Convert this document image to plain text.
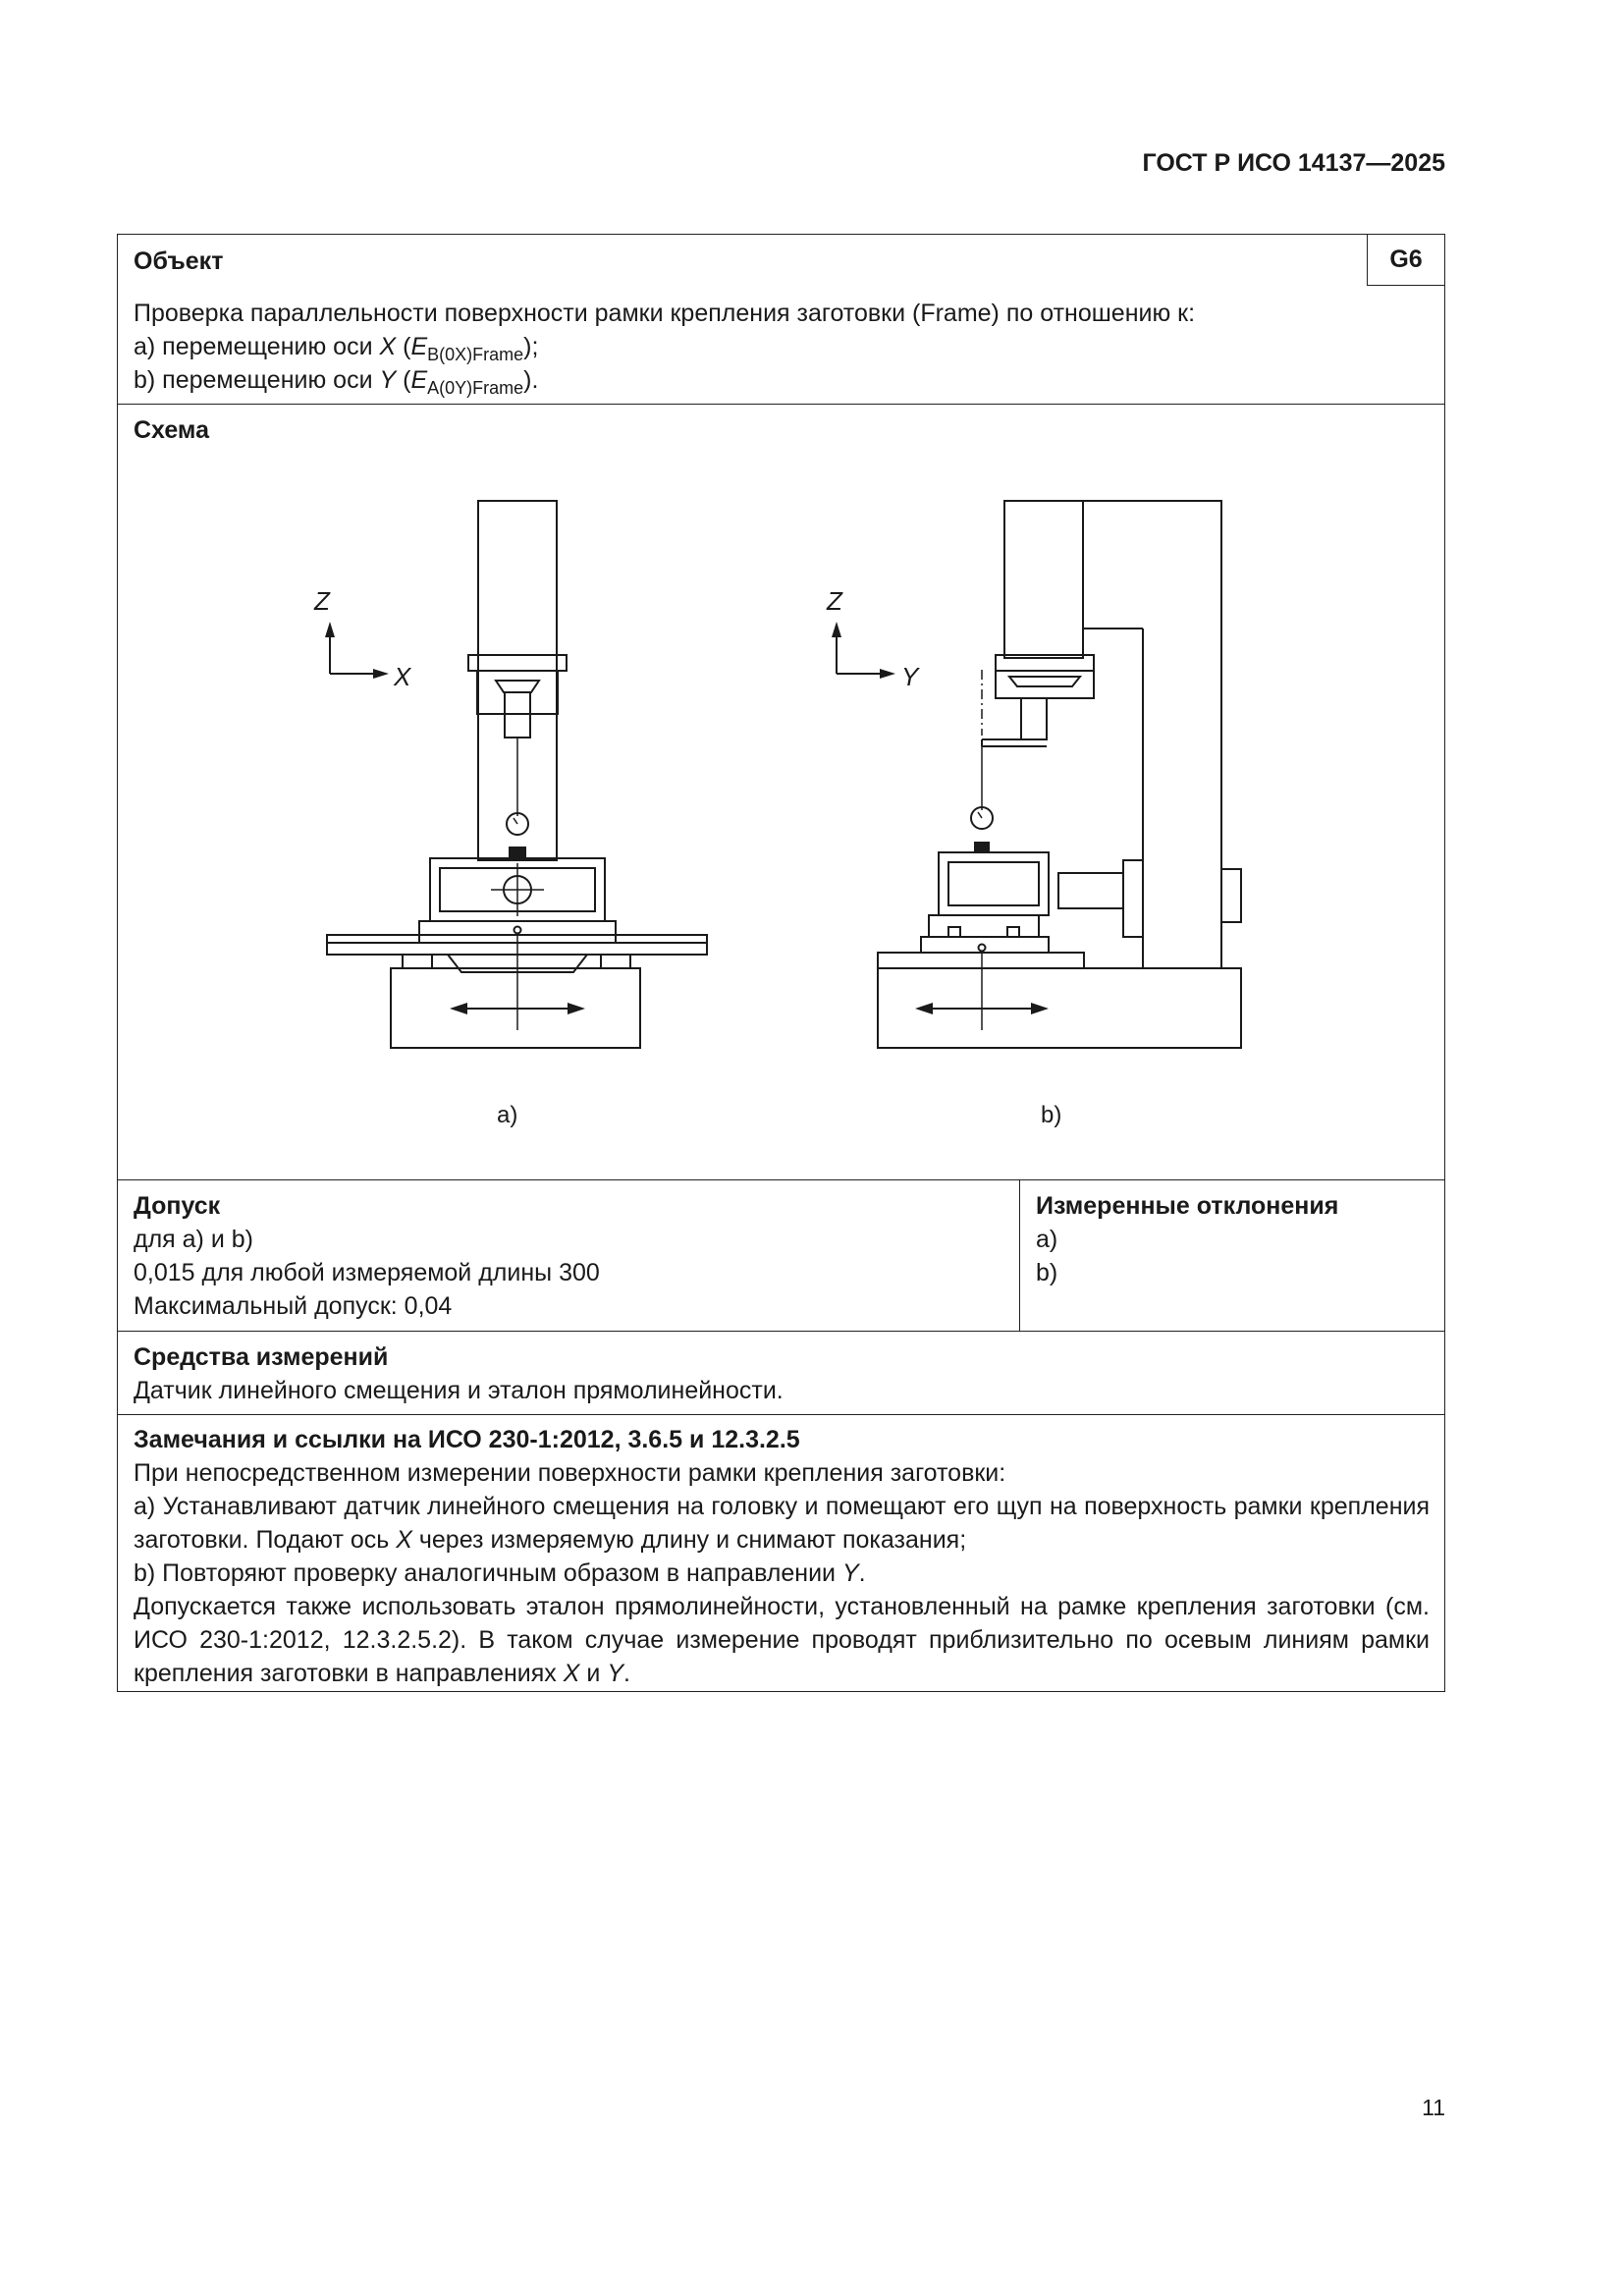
ГОСТ Р ИСО 14137—2025
G6
Объект
Проверка параллельности поверхности рамки крепления заготовки (Frame) по отношению к:
a) перемещению оси X $(E_{B(0X)Frame})$;
b) перемещению оси Y $(E_{A(0Y)Frame})$.
Схема
Z
X
a)
Z
Y
b)
Допуск
для a) и b)
0,015 для любой измеряемой длины 300
Максимальный допуск: 0,04
Измеренные отклонения
a)
b)
Средства измерений
Датчик линейного смещения и эталон прямолинейности.
Замечания и ссылки на ИСО 230-1:2012, 3.6.5 и 12.3.2.5
При непосредственном измерении поверхности рамки крепления заготовки:
a) Устанавливают датчик линейного смещения на головку и помещают его щуп на поверхность рамки крепления заготовки. Подают ось X через измеряемую длину и снимают показания;
b) Повторяют проверку аналогичным образом в направлении Y.
Допускается также использовать эталон прямолинейности, установленный на рамке крепления заготовки (см. ИСО 230-1:2012, 12.3.2.5.2). В таком случае измерение проводят приблизительно по осевым линиям рамки крепления заготовки в направлениях X и Y.
11
